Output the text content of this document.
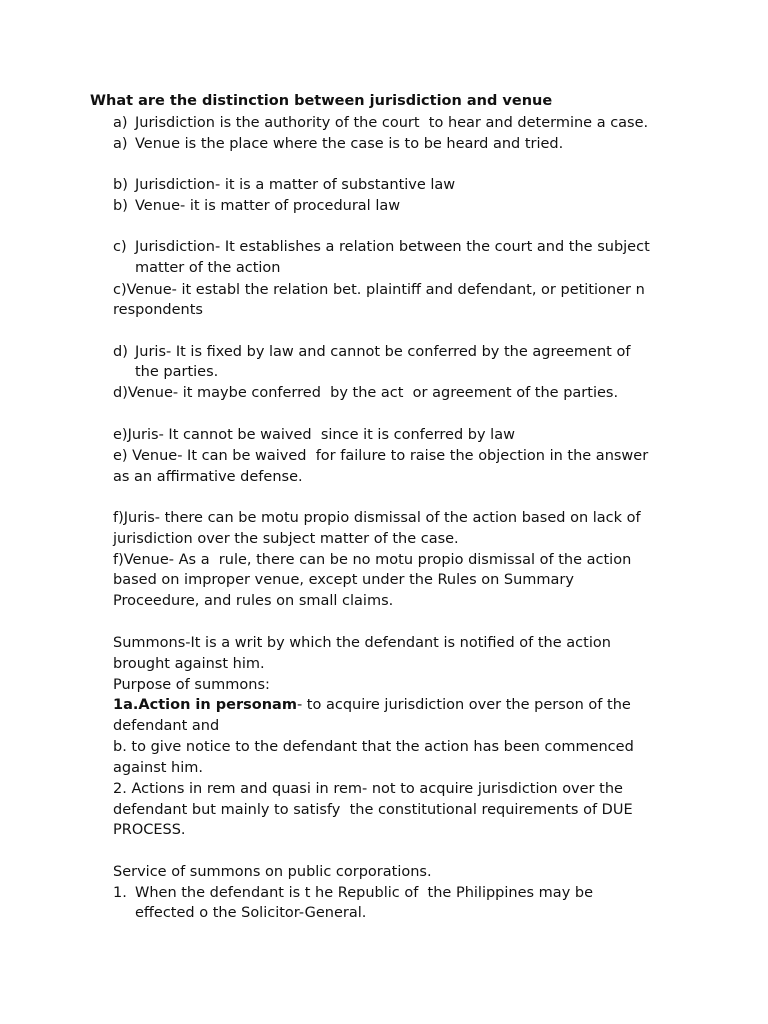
What are the distinction between jurisdiction and venue
a) Jurisdiction is the authority of the court  to hear and determine a case.
a) Venue is the place where the case is to be heard and tried.
b) Jurisdiction- it is a matter of substantive law
b) Venue- it is matter of procedural law
c) Jurisdiction- It establishes a relation between the court and the subject
matter of the action
c)Venue- it establ the relation bet. plaintiff and defendant, or petitioner n
respondents
d) Juris- It is fixed by law and cannot be conferred by the agreement of
the parties.
d)Venue- it maybe conferred  by the act  or agreement of the parties.
e)Juris- It cannot be waived  since it is conferred by law
e) Venue- It can be waived  for failure to raise the objection in the answer
as an affirmative defense.
f)Juris- there can be motu propio dismissal of the action based on lack of
jurisdiction over the subject matter of the case.
f)Venue- As a  rule, there can be no motu propio dismissal of the action
based on improper venue, except under the Rules on Summary
Proceedure, and rules on small claims.
Summons-It is a writ by which the defendant is notified of the action
brought against him.
Purpose of summons:
1a.Action in personam- to acquire jurisdiction over the person of the
defendant and
b. to give notice to the defendant that the action has been commenced
against him.
2. Actions in rem and quasi in rem- not to acquire jurisdiction over the
defendant but mainly to satisfy  the constitutional requirements of DUE
PROCESS.
Service of summons on public corporations.
1. When the defendant is t he Republic of  the Philippines may be
effected o the Solicitor-General.
